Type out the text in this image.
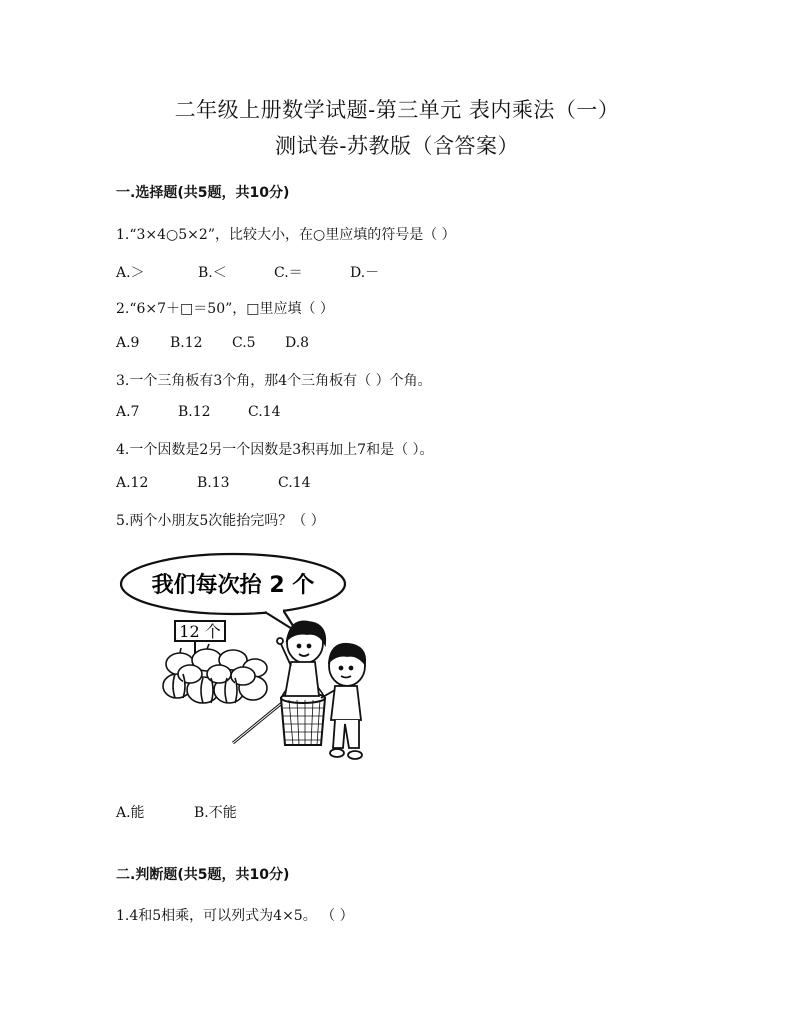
二年级上册数学试题-第三单元 表内乘法（一）
测试卷-苏教版（含答案）
一.选择题(共5题，共10分)
1.“3×4○5×2”，比较大小，在○里应填的符号是（ ）
A.＞	B.＜	C.＝	D.－
2.“6×7＋□＝50”，□里应填（ ）
A.9	B.12	C.5	D.8
3.一个三角板有3个角，那4个三角板有（ ）个角。
A.7	B.12	C.14
4.一个因数是2另一个因数是3积再加上7和是（ ）。
A.12	B.13	C.14
5.两个小朋友5次能抬完吗？（ ）
我们每次抬 2 个
12 个
A.能	B.不能
二.判断题(共5题，共10分)
1.4和5相乘，可以列式为4×5。 （ ）
